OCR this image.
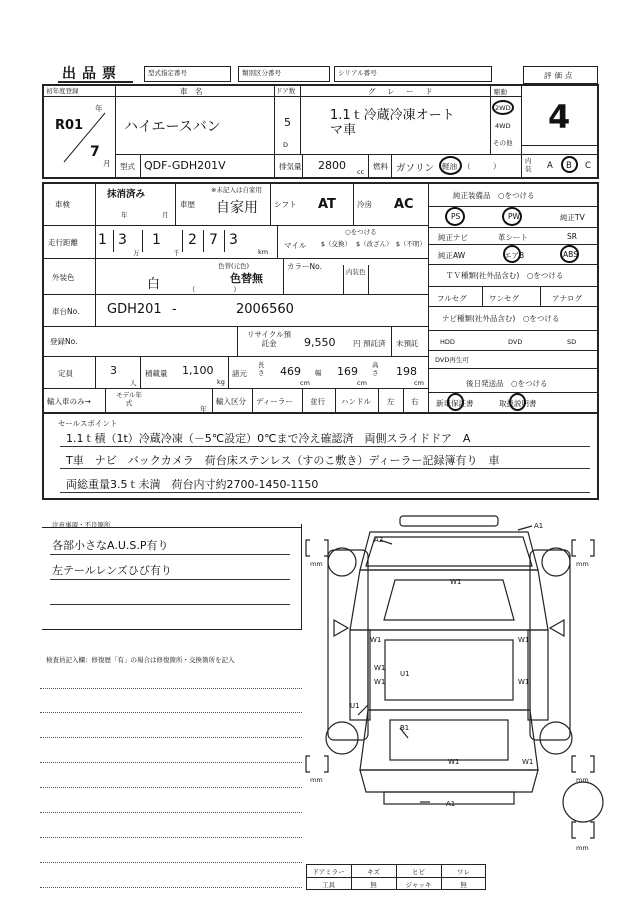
出品票	型式指定番号	類別区分番号	シリアル番号	評価点
初年度登録
R01
年
7
月
車　名
ハイエースバン
ドア数
5
D
グ　レ　ー　ド
1.1ｔ冷蔵冷凍オート
マ車
駆動
2WD
4WD
その他
4
型式 QDF-GDH201V	排気量 2800 cc
燃料 ガソリン 軽油 （　　　）
内装	A B C
車検
抹消済み
年	月
※未記入は自家用
車歴 自家用 シフト AT	冷房 AC
走行距離 1 3
万
1
千
2 7 3
km
マイル
○をつける
$（交換） $（改ざん） $（不明）
外装色
色替(元色)
白	色替無
（　　　　　）
カラーNo.
内装色
車台No. GDH201 -	2006560
登録No.
リサイクル預託金	9,550 円 預託済 未預託
定員	3
人
積載量 1,100
kg
諸元
長さ 469
cm
幅 169
cm
高さ 198
cm
輸入車のみ→
モデル年式
年
輸入区分 ディーラー 並行 ハンドル 左 右
純正装備品　○をつける
PS	PW	純正TV
純正ナビ	革シート	SR
純正AW	エアB	ABS
ＴＶ種類(社外品含む)　○をつける
フルセグ	ワンセグ	アナログ
ナビ種類(社外品含む)　○をつける
HDD	DVD	SD
DVD再生可
後日発送品　○をつける
新車保証書	取扱説明書
セールスポイント
1.1ｔ積（1t）冷蔵冷凍（－5℃設定）0℃まで冷え確認済　両側スライドドア　A
T車　ナビ　バックカメラ　荷台床ステンレス（すのこ敷き）ディーラー記録簿有り　車
両総重量3.5ｔ未満　荷台内寸約2700-1450-1150
注意事項・不良箇所
各部小さなA.U.S.P有り
左テールレンズひび有り
検査員記入欄：修復歴「有」の場合は修復箇所・交換箇所を記入
A1
A2
W1
W1	W1
W1
W1	W1
U1
U1
B1
W1	W1
A1
mm	mm
mm	mm
mm
ドアミラー	キズ	ヒビ	ワレ
工具	無	ジャッキ	無
